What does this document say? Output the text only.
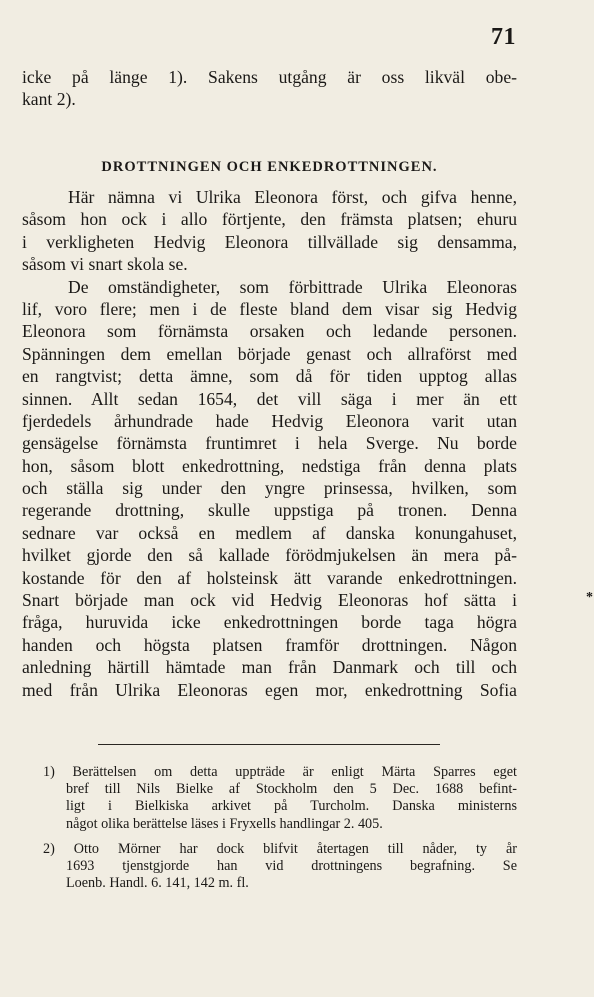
71
icke på länge 1). Sakens utgång är oss likväl obe-
kant 2).
DROTTNINGEN OCH ENKEDROTTNINGEN.
Här nämna vi Ulrika Eleonora först, och gifva henne,
såsom hon ock i allo förtjente, den främsta platsen; ehuru
i verkligheten Hedvig Eleonora tillvällade sig densamma,
såsom vi snart skola se.
De omständigheter, som förbittrade Ulrika Eleonoras
lif, voro flere; men i de fleste bland dem visar sig Hedvig
Eleonora som förnämsta orsaken och ledande personen.
Spänningen dem emellan började genast och allraförst med
en rangtvist; detta ämne, som då för tiden upptog allas
sinnen. Allt sedan 1654, det vill säga i mer än ett
fjerdedels århundrade hade Hedvig Eleonora varit utan
gensägelse förnämsta fruntimret i hela Sverge. Nu borde
hon, såsom blott enkedrottning, nedstiga från denna plats
och ställa sig under den yngre prinsessa, hvilken, som
regerande drottning, skulle uppstiga på tronen. Denna
sednare var också en medlem af danska konungahuset,
hvilket gjorde den så kallade förödmjukelsen än mera på-
kostande för den af holsteinsk ätt varande enkedrottningen.
Snart började man ock vid Hedvig Eleonoras hof sätta i
fråga, huruvida icke enkedrottningen borde taga högra
handen och högsta platsen framför drottningen. Någon
anledning härtill hämtade man från Danmark och till och
med från Ulrika Eleonoras egen mor, enkedrottning Sofia
*
1) Berättelsen om detta uppträde är enligt Märta Sparres eget
bref till Nils Bielke af Stockholm den 5 Dec. 1688 befint-
ligt i Bielkiska arkivet på Turcholm. Danska ministerns
något olika berättelse läses i Fryxells handlingar 2. 405.
2) Otto Mörner har dock blifvit återtagen till nåder, ty år
1693 tjenstgjorde han vid drottningens begrafning. Se
Loenb. Handl. 6. 141, 142 m. fl.
